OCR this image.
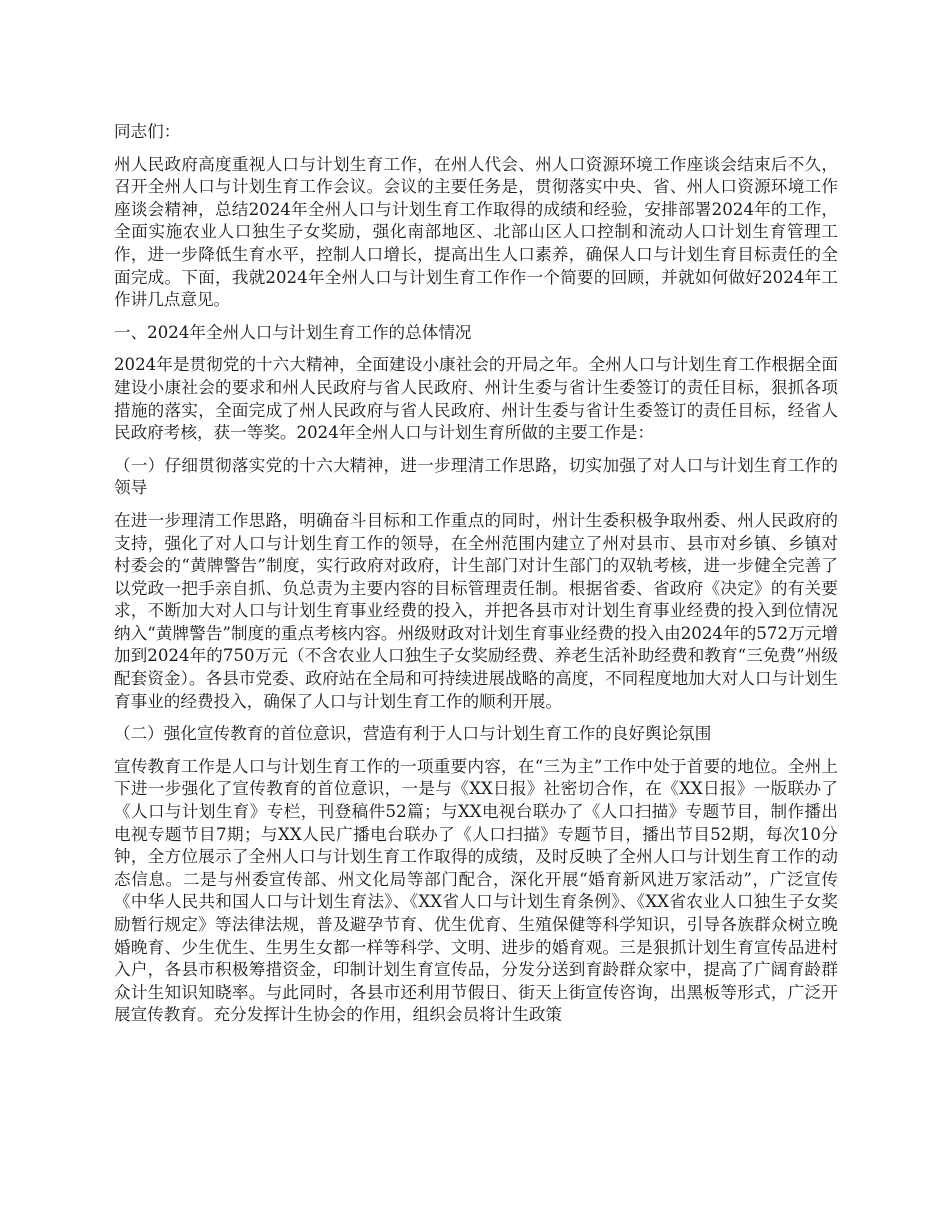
同志们：

州人民政府高度重视人口与计划生育工作，在州人代会、州人口资源环境工作座谈会结束后不久，召开全州人口与计划生育工作会议。会议的主要任务是，贯彻落实中央、省、州人口资源环境工作座谈会精神，总结2024年全州人口与计划生育工作取得的成绩和经验，安排部署2024年的工作，全面实施农业人口独生子女奖励，强化南部地区、北部山区人口控制和流动人口计划生育管理工作，进一步降低生育水平，控制人口增长，提高出生人口素养，确保人口与计划生育目标责任的全面完成。下面，我就2024年全州人口与计划生育工作作一个简要的回顾，并就如何做好2024年工作讲几点意见。

一、2024年全州人口与计划生育工作的总体情况

2024年是贯彻党的十六大精神，全面建设小康社会的开局之年。全州人口与计划生育工作根据全面建设小康社会的要求和州人民政府与省人民政府、州计生委与省计生委签订的责任目标，狠抓各项措施的落实，全面完成了州人民政府与省人民政府、州计生委与省计生委签订的责任目标，经省人民政府考核，获一等奖。2024年全州人口与计划生育所做的主要工作是：

（一）仔细贯彻落实党的十六大精神，进一步理清工作思路，切实加强了对人口与计划生育工作的领导

在进一步理清工作思路，明确奋斗目标和工作重点的同时，州计生委积极争取州委、州人民政府的支持，强化了对人口与计划生育工作的领导，在全州范围内建立了州对县市、县市对乡镇、乡镇对村委会的“黄牌警告”制度，实行政府对政府，计生部门对计生部门的双轨考核，进一步健全完善了以党政一把手亲自抓、负总责为主要内容的目标管理责任制。根据省委、省政府《决定》的有关要求，不断加大对人口与计划生育事业经费的投入，并把各县市对计划生育事业经费的投入到位情况纳入“黄牌警告”制度的重点考核内容。州级财政对计划生育事业经费的投入由2024年的572万元增加到2024年的750万元（不含农业人口独生子女奖励经费、养老生活补助经费和教育“三免费”州级配套资金）。各县市党委、政府站在全局和可持续进展战略的高度，不同程度地加大对人口与计划生育事业的经费投入，确保了人口与计划生育工作的顺利开展。

（二）强化宣传教育的首位意识，营造有利于人口与计划生育工作的良好舆论氛围

宣传教育工作是人口与计划生育工作的一项重要内容，在“三为主”工作中处于首要的地位。全州上下进一步强化了宣传教育的首位意识，一是与《XX日报》社密切合作，在《XX日报》一版联办了《人口与计划生育》专栏，刊登稿件52篇；与XX电视台联办了《人口扫描》专题节目，制作播出电视专题节目7期；与XX人民广播电台联办了《人口扫描》专题节目，播出节目52期，每次10分钟，全方位展示了全州人口与计划生育工作取得的成绩，及时反映了全州人口与计划生育工作的动态信息。二是与州委宣传部、州文化局等部门配合，深化开展“婚育新风进万家活动”，广泛宣传《中华人民共和国人口与计划生育法》、《XX省人口与计划生育条例》、《XX省农业人口独生子女奖励暂行规定》等法律法规，普及避孕节育、优生优育、生殖保健等科学知识，引导各族群众树立晚婚晚育、少生优生、生男生女都一样等科学、文明、进步的婚育观。三是狠抓计划生育宣传品进村入户，各县市积极筹措资金，印制计划生育宣传品，分发分送到育龄群众家中，提高了广阔育龄群众计生知识知晓率。与此同时，各县市还利用节假日、街天上街宣传咨询，出黑板等形式，广泛开展宣传教育。充分发挥计生协会的作用，组织会员将计生政策
